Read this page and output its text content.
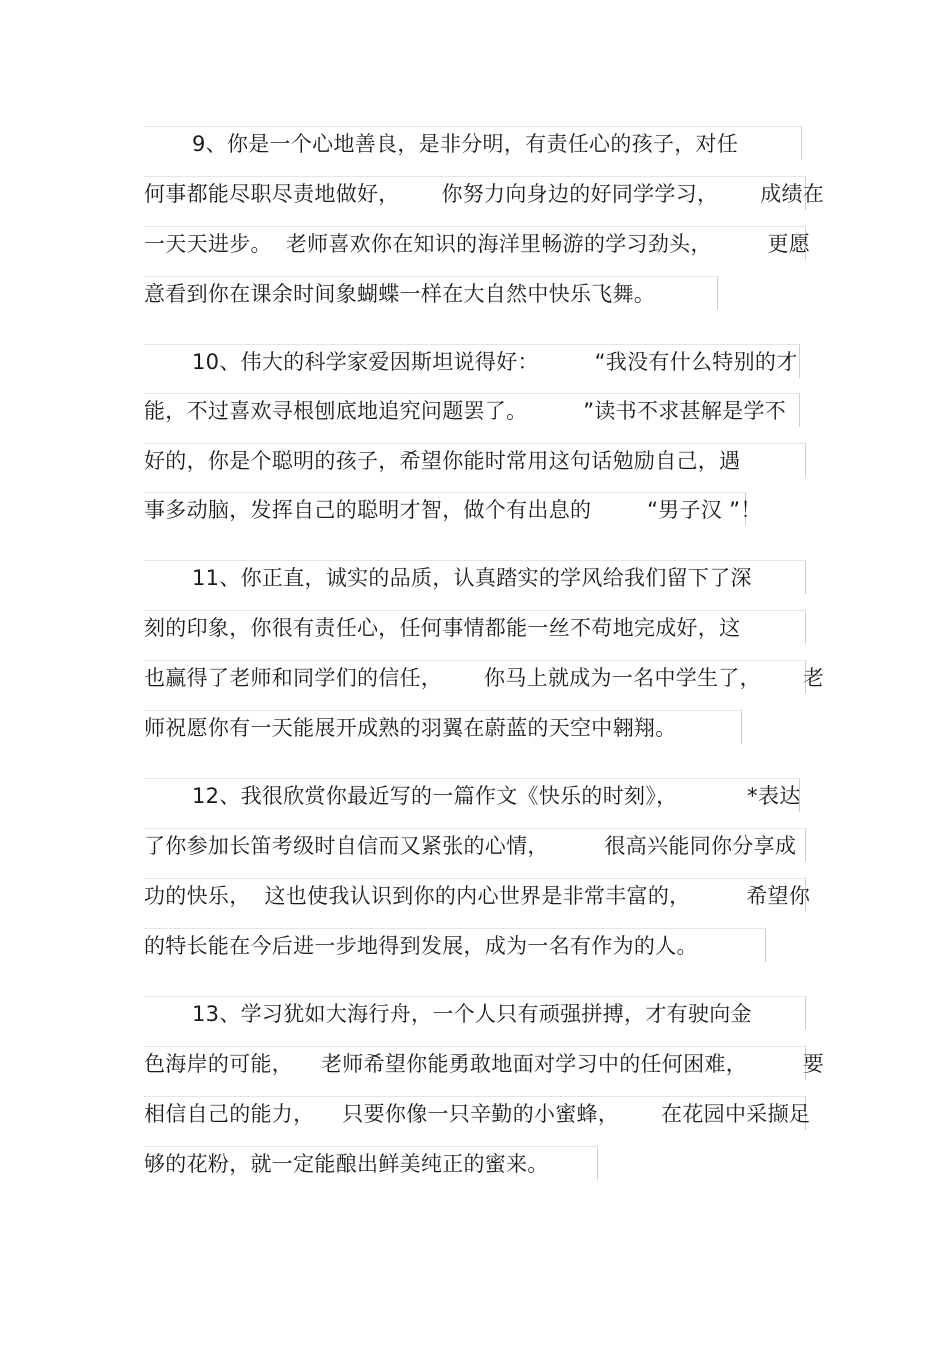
9、你是一个心地善良，是非分明，有责任心的孩子，对任
何事都能尽职尽责地做好，      你努力向身边的好同学学习，      成绩在
一天天进步。  老师喜欢你在知识的海洋里畅游的学习劲头，        更愿
意看到你在课余时间象蝴蝶一样在大自然中快乐飞舞。
10、伟大的科学家爱因斯坦说得好：        “我没有什么特别的才
能，不过喜欢寻根刨底地追究问题罢了。        ”读书不求甚解是学不
好的，你是个聪明的孩子，希望你能时常用这句话勉励自己，遇
事多动脑，发挥自己的聪明才智，做个有出息的        “男子汉 ”！
11、你正直，诚实的品质，认真踏实的学风给我们留下了深
刻的印象，你很有责任心，任何事情都能一丝不苟地完成好，这
也赢得了老师和同学们的信任，      你马上就成为一名中学生了，      老
师祝愿你有一天能展开成熟的羽翼在蔚蓝的天空中翱翔。
12、我很欣赏你最近写的一篇作文《快乐的时刻》，          *表达
了你参加长笛考级时自信而又紧张的心情，        很高兴能同你分享成
功的快乐，  这也使我认识到你的内心世界是非常丰富的，        希望你
的特长能在今后进一步地得到发展，成为一名有作为的人。
13、学习犹如大海行舟，一个人只有顽强拼搏，才有驶向金
色海岸的可能，    老师希望你能勇敢地面对学习中的任何困难，        要
相信自己的能力，    只要你像一只辛勤的小蜜蜂，      在花园中采撷足
够的花粉，就一定能酿出鲜美纯正的蜜来。
